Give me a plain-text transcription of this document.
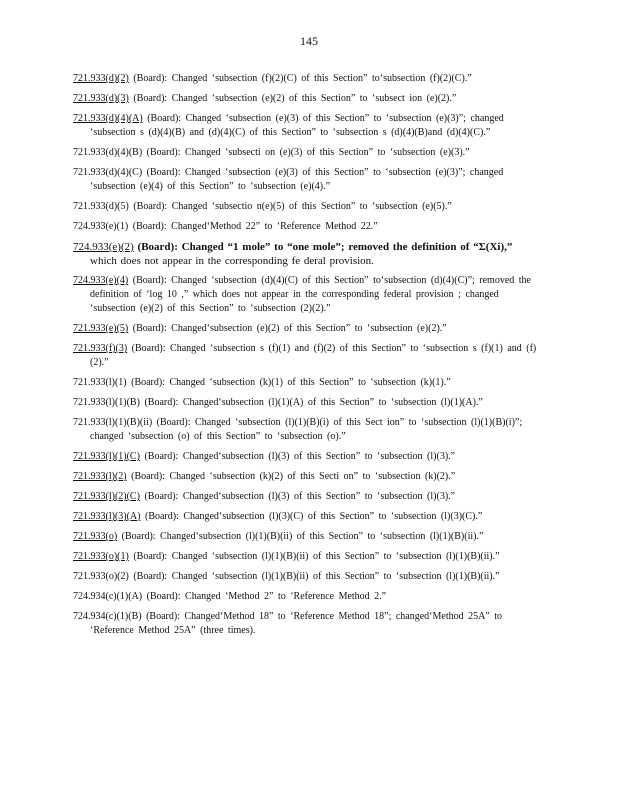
145
721.933(d)(2) (Board): Changed ‘subsection (f)(2)(C) of this Section” to‘subsection (f)(2)(C).”
721.933(d)(3) (Board): Changed ‘subsection (e)(2) of this Section” to ‘subsect ion (e)(2).”
721.933(d)(4)(A) (Board): Changed ‘subsection (e)(3) of this Section” to ‘subsection (e)(3)”; changed ‘subsection s (d)(4)(B) and (d)(4)(C) of this Section” to ‘subsection s (d)(4)(B)and (d)(4)(C).”
721.933(d)(4)(B) (Board): Changed ‘subsecti on (e)(3) of this Section” to ‘subsection (e)(3).”
721.933(d)(4)(C) (Board): Changed ‘subsection (e)(3) of this Section” to ‘subsection (e)(3)”; changed ‘subsection (e)(4) of this Section” to ‘subsection (e)(4).”
721.933(d)(5) (Board): Changed ‘subsectio n(e)(5) of this Section” to ‘subsection (e)(5).”
724.933(e)(1) (Board): Changed‘Method 22” to ‘Reference Method 22.”
724.933(e)(2) (Board): Changed “1 mole” to “one mole”; removed the definition of “Σ(Xi),” which does not appear in the corresponding fe deral provision.
724.933(e)(4) (Board): Changed ‘subsection (d)(4)(C) of this Section” to‘subsection (d)(4)(C)”; removed the definition of ‘log 10 ,” which does not appear in the corresponding federal provision ; changed ‘subsection (e)(2) of this Section” to ‘subsection (2)(2).”
721.933(e)(5) (Board): Changed‘subsection (e)(2) of this Section” to ‘subsection (e)(2).”
721.933(f)(3) (Board): Changed ‘subsection s (f)(1) and (f)(2) of this Section” to ‘subsection s (f)(1) and (f)(2).”
721.933(l)(1) (Board): Changed ‘subsection (k)(1) of this Section” to ‘subsection (k)(1).”
721.933(l)(1)(B) (Board): Changed‘subsection (l)(1)(A) of this Section” to ‘subsection (l)(1)(A).”
721.933(l)(1)(B)(ii) (Board): Changed ‘subsection (l)(1)(B)(i) of this Sect ion” to ‘subsection (l)(1)(B)(i)”; changed ‘subsection (o) of this Section” to ‘subsection (o).”
721.933(l)(1)(C) (Board): Changed‘subsection (l)(3) of this Section” to ‘subsection (l)(3).”
721.933(l)(2) (Board): Changed ‘subsection (k)(2) of this Secti on” to ‘subsection (k)(2).”
721.933(l)(2)(C) (Board): Changed‘subsection (l)(3) of this Section” to ‘subsection (l)(3).”
721.933(l)(3)(A) (Board): Changed‘subsection (l)(3)(C) of this Section” to ‘subsection (l)(3)(C).”
721.933(o) (Board): Changed‘subsection (l)(1)(B)(ii) of this Section” to ‘subsection (l)(1)(B)(ii).”
721.933(o)(1) (Board): Changed ‘subsection (l)(1)(B)(ii) of this Section” to ‘subsection (l)(1)(B)(ii).”
721.933(o)(2) (Board): Changed ‘subsection (l)(1)(B)(ii) of this Section” to ‘subsection (l)(1)(B)(ii).”
724.934(c)(1)(A) (Board): Changed ‘Method 2” to ‘Reference Method 2.”
724.934(c)(1)(B) (Board): Changed‘Method 18” to ‘Reference Method 18”; changed‘Method 25A” to ‘Reference Method 25A” (three times).
